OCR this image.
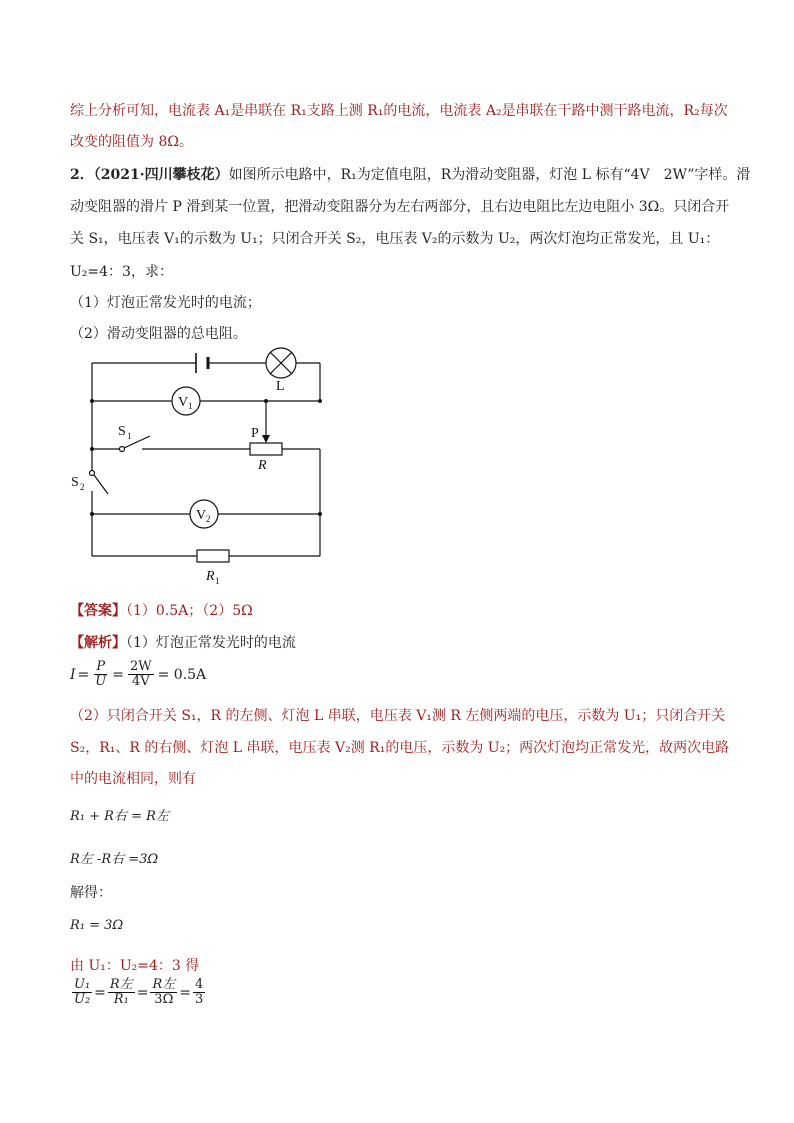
综上分析可知，电流表 A₁是串联在 R₁支路上测 R₁的电流，电流表 A₂是串联在干路中测干路电流，R₂每次
改变的阻值为 8Ω。
2．（2021·四川攀枝花）如图所示电路中，R₁为定值电阻，R为滑动变阻器，灯泡 L 标有“4V　2W”字样。滑
动变阻器的滑片 P 滑到某一位置，把滑动变阻器分为左右两部分，且右边电阻比左边电阻小 3Ω。只闭合开
关 S₁，电压表 V₁的示数为 U₁；只闭合开关 S₂，电压表 V₂的示数为 U₂，两次灯泡均正常发光，且 U₁：
U₂=4：3，求：
（1）灯泡正常发光时的电流；
（2）滑动变阻器的总电阻。
L
V 1
V 2
S 1
S 2
P
R
R 1
【答案】（1）0.5A；（2）5Ω
【解析】（1）灯泡正常发光时的电流
$I = \frac{P}{U} = \frac{2W}{4V} = 0.5A$
（2）只闭合开关 S₁，R 的左侧、灯泡 L 串联，电压表 V₁测 R 左侧两端的电压，示数为 U₁；只闭合开关
S₂，R₁、R 的右侧、灯泡 L 串联，电压表 V₂测 R₁的电压，示数为 U₂；两次灯泡均正常发光，故两次电路
中的电流相同，则有
R₁ + R右 = R左
R左 -R右 =3Ω
解得：
R₁ = 3Ω
由 U₁：U₂=4：3 得
$\frac{\text{U₁}}{\text{U₂}} = \frac{\text{R左}}{\text{R₁}} = \frac{\text{R左}}{3\Omega} = \frac{4}{3}$
